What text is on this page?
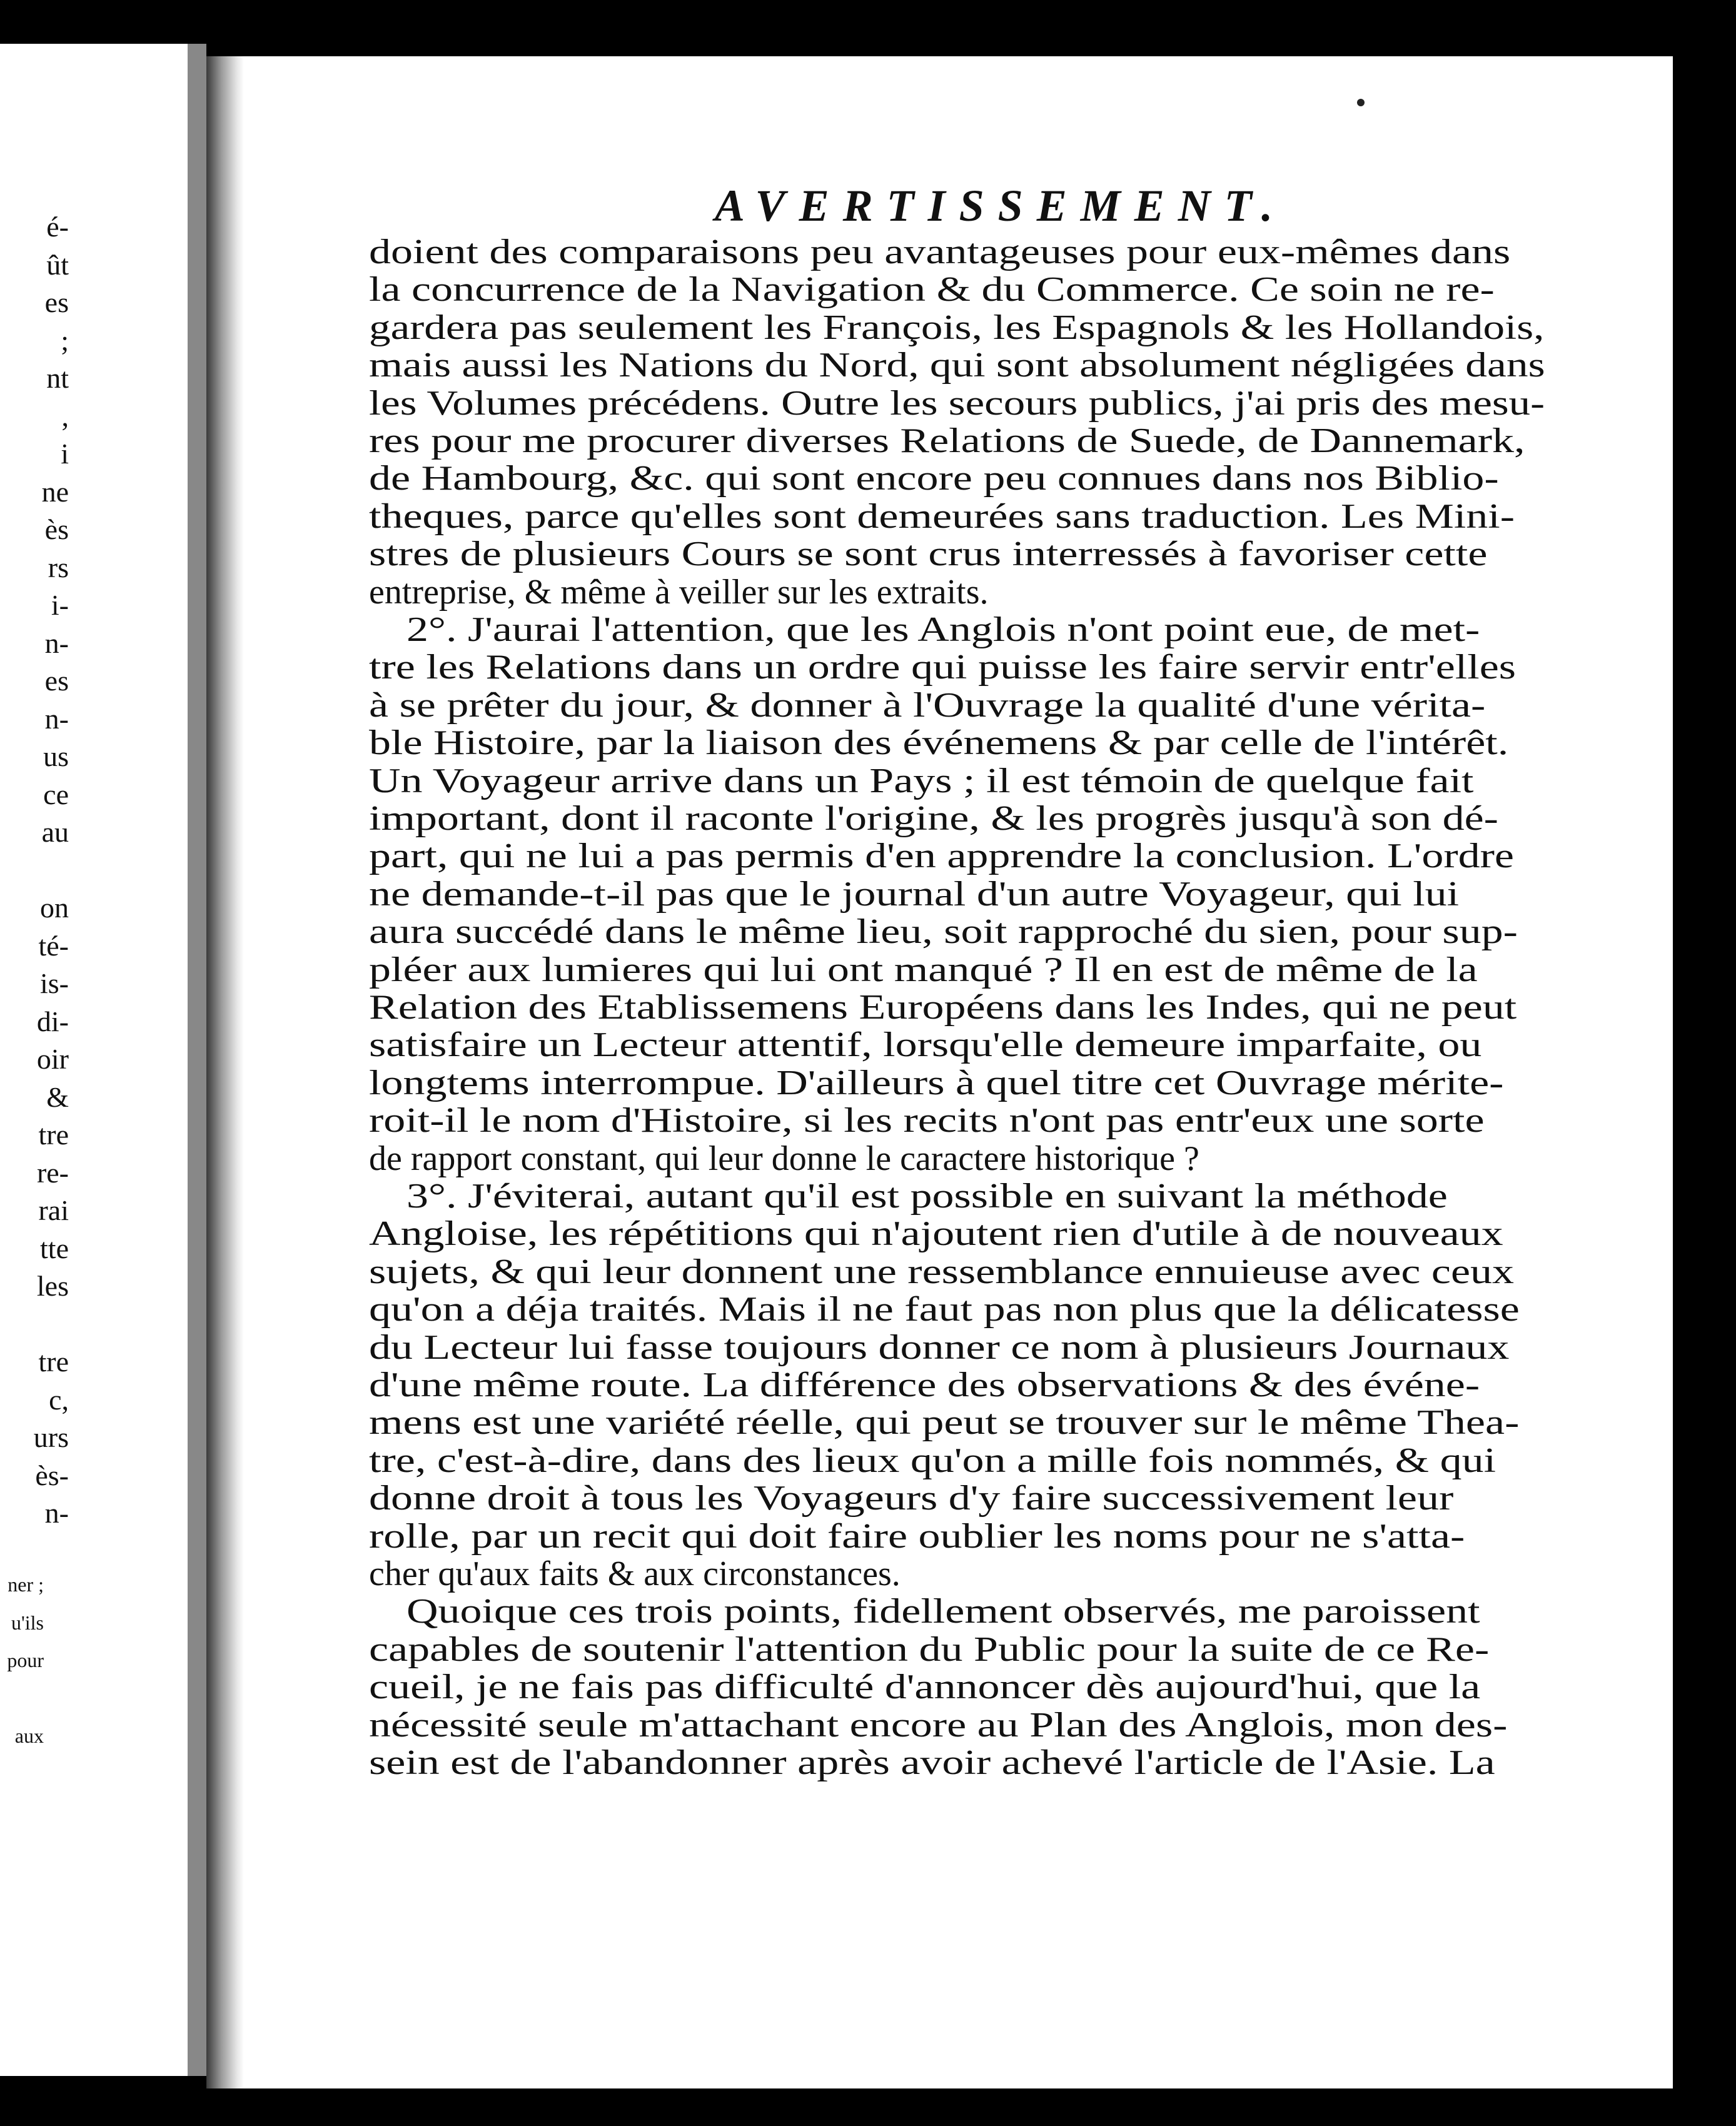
é-
ût
es
;
nt
,
i
ne
ès
rs
i-
n-
es
n-
us
ce
au
on
té-
is-
di-
oir
&
tre
re-
rai
tte
les
tre
c,
urs
ès-
n-
ner ;
u'ils
pour
aux
AVERTISSEMENT.
doient des comparaisons peu avantageuses pour eux-mêmes dans
la concurrence de la Navigation & du Commerce. Ce soin ne re-
gardera pas seulement les François, les Espagnols & les Hollandois,
mais aussi les Nations du Nord, qui sont absolument négligées dans
les Volumes précédens. Outre les secours publics, j'ai pris des mesu-
res pour me procurer diverses Relations de Suede, de Dannemark,
de Hambourg, &c. qui sont encore peu connues dans nos Biblio-
theques, parce qu'elles sont demeurées sans traduction. Les Mini-
stres de plusieurs Cours se sont crus interressés à favoriser cette
entreprise, & même à veiller sur les extraits.
2°. J'aurai l'attention, que les Anglois n'ont point eue, de met-
tre les Relations dans un ordre qui puisse les faire servir entr'elles
à se prêter du jour, & donner à l'Ouvrage la qualité d'une vérita-
ble Histoire, par la liaison des événemens & par celle de l'intérêt.
Un Voyageur arrive dans un Pays ; il est témoin de quelque fait
important, dont il raconte l'origine, & les progrès jusqu'à son dé-
part, qui ne lui a pas permis d'en apprendre la conclusion. L'ordre
ne demande-t-il pas que le journal d'un autre Voyageur, qui lui
aura succédé dans le même lieu, soit rapproché du sien, pour sup-
pléer aux lumieres qui lui ont manqué ? Il en est de même de la
Relation des Etablissemens Européens dans les Indes, qui ne peut
satisfaire un Lecteur attentif, lorsqu'elle demeure imparfaite, ou
longtems interrompue. D'ailleurs à quel titre cet Ouvrage mérite-
roit-il le nom d'Histoire, si les recits n'ont pas entr'eux une sorte
de rapport constant, qui leur donne le caractere historique ?
3°. J'éviterai, autant qu'il est possible en suivant la méthode
Angloise, les répétitions qui n'ajoutent rien d'utile à de nouveaux
sujets, & qui leur donnent une ressemblance ennuieuse avec ceux
qu'on a déja traités. Mais il ne faut pas non plus que la délicatesse
du Lecteur lui fasse toujours donner ce nom à plusieurs Journaux
d'une même route. La différence des observations & des événe-
mens est une variété réelle, qui peut se trouver sur le même Thea-
tre, c'est-à-dire, dans des lieux qu'on a mille fois nommés, & qui
donne droit à tous les Voyageurs d'y faire successivement leur
rolle, par un recit qui doit faire oublier les noms pour ne s'atta-
cher qu'aux faits & aux circonstances.
Quoique ces trois points, fidellement observés, me paroissent
capables de soutenir l'attention du Public pour la suite de ce Re-
cueil, je ne fais pas difficulté d'annoncer dès aujourd'hui, que la
nécessité seule m'attachant encore au Plan des Anglois, mon des-
sein est de l'abandonner après avoir achevé l'article de l'Asie. La
